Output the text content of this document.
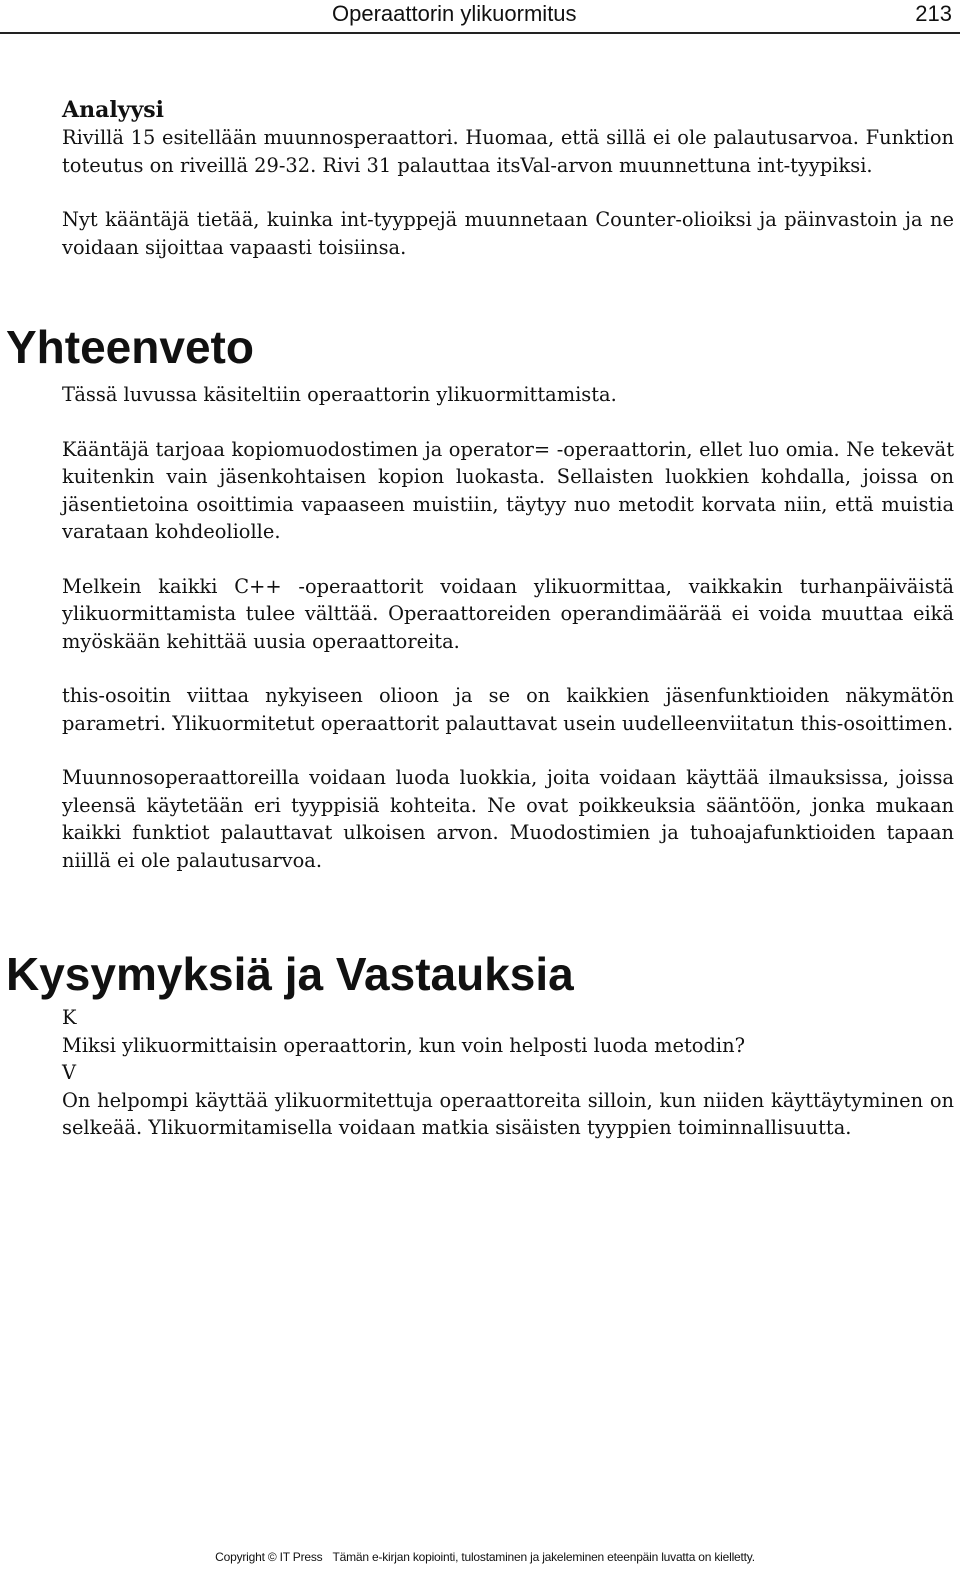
Operaattorin ylikuormitus	213
Analyysi

Rivillä 15 esitellään muunnosperaattori. Huomaa, että sillä ei ole palautusarvoa. Funktion toteutus on riveillä 29-32. Rivi 31 palauttaa itsVal-arvon muunnettuna int-tyypiksi.

Nyt kääntäjä tietää, kuinka int-tyyppejä muunnetaan Counter-olioiksi ja päinvastoin ja ne voidaan sijoittaa vapaasti toisiinsa.

Yhteenveto

Tässä luvussa käsiteltiin operaattorin ylikuormittamista.

Kääntäjä tarjoaa kopiomuodostimen ja operator= -operaattorin, ellet luo omia. Ne tekevät kuitenkin vain jäsenkohtaisen kopion luokasta. Sellaisten luokkien kohdalla, joissa on jäsentietoina osoittimia vapaaseen muistiin, täytyy nuo metodit korvata niin, että muistia varataan kohdeoliolle.

Melkein kaikki C++ -operaattorit voidaan ylikuormittaa, vaikkakin turhanpäiväistä ylikuormittamista tulee välttää. Operaattoreiden operandimäärää ei voida muuttaa eikä myöskään kehittää uusia operaattoreita.

this-osoitin viittaa nykyiseen olioon ja se on kaikkien jäsenfunktioiden näkymätön parametri. Ylikuormitetut operaattorit palauttavat usein uudelleenviitatun this-osoittimen.

Muunnosoperaattoreilla voidaan luoda luokkia, joita voidaan käyttää ilmauksissa, joissa yleensä käytetään eri tyyppisiä kohteita. Ne ovat poikkeuksia sääntöön, jonka mukaan kaikki funktiot palauttavat ulkoisen arvon. Muodostimien ja tuhoajafunktioiden tapaan niillä ei ole palautusarvoa.

Kysymyksiä ja Vastauksia

K

Miksi ylikuormittaisin operaattorin, kun voin helposti luoda metodin?

V

On helpompi käyttää ylikuormitettuja operaattoreita silloin, kun niiden käyttäytyminen on selkeää. Ylikuormitamisella voidaan matkia sisäisten tyyppien toiminnallisuutta.

Copyright © IT Press Tämän e-kirjan kopiointi, tulostaminen ja jakeleminen eteenpäin luvatta on kielletty.
